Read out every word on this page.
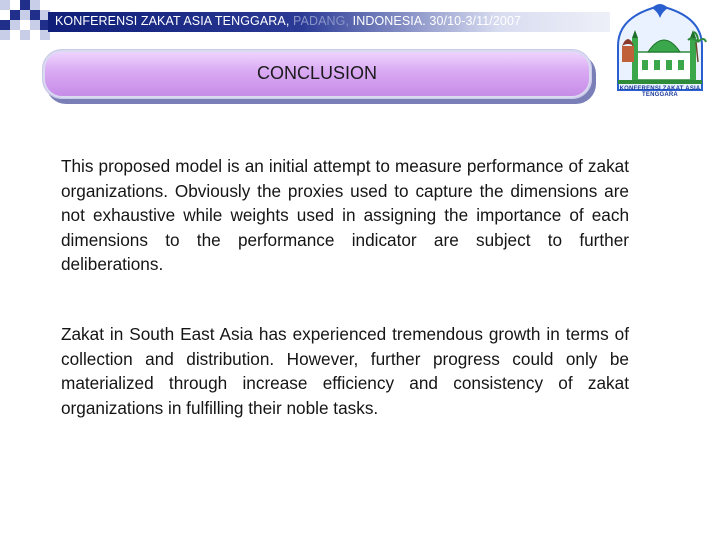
KONFERENSI ZAKAT ASIA TENGGARA, PADANG, INDONESIA. 30/10-3/11/2007
CONCLUSION
KONFERENSI ZAKAT ASIA TENGGARA
This proposed model is an initial attempt to measure performance of zakat organizations. Obviously the proxies used to capture the dimensions are not exhaustive while weights used in assigning the importance of each dimensions to the performance indicator are subject to further deliberations.
Zakat in South East Asia has experienced tremendous growth in terms of collection and distribution. However, further progress could only be materialized through increase efficiency and consistency of zakat organizations in fulfilling their noble tasks.
